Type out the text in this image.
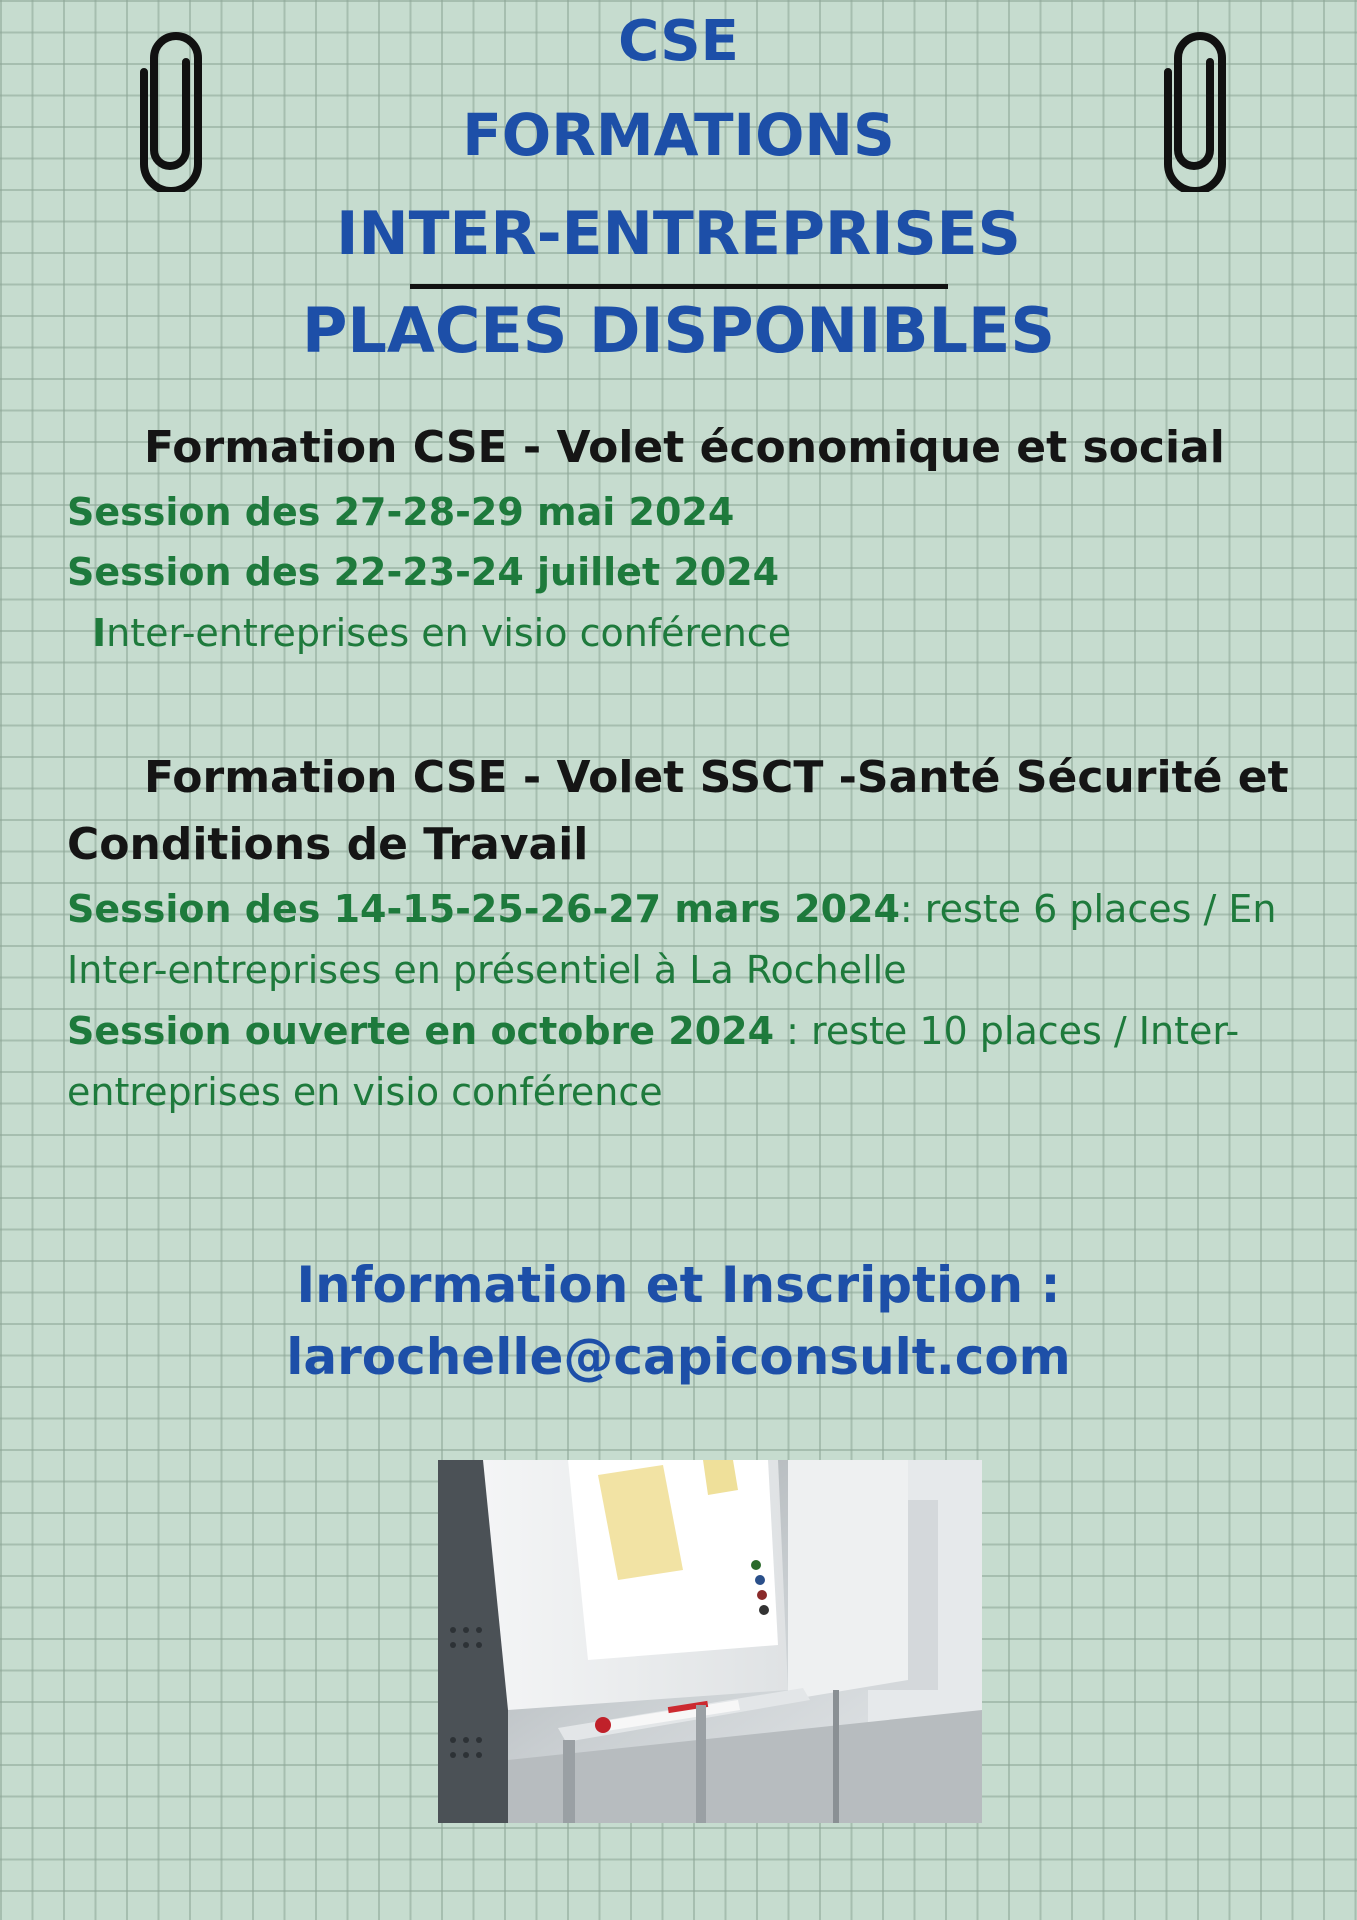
CSE
FORMATIONS
INTER-ENTREPRISES
PLACES DISPONIBLES
Formation CSE - Volet économique et social
Session des 27-28-29 mai 2024
Session des 22-23-24 juillet 2024
Inter-entreprises en visio conférence
Formation CSE - Volet SSCT -Santé Sécurité et
Conditions de Travail
Session des 14-15-25-26-27 mars 2024: reste 6 places / En
Inter-entreprises en présentiel à La Rochelle
Session ouverte en octobre 2024 : reste 10 places / Inter-
entreprises en visio conférence
Information et Inscription :
larochelle@capiconsult.com
